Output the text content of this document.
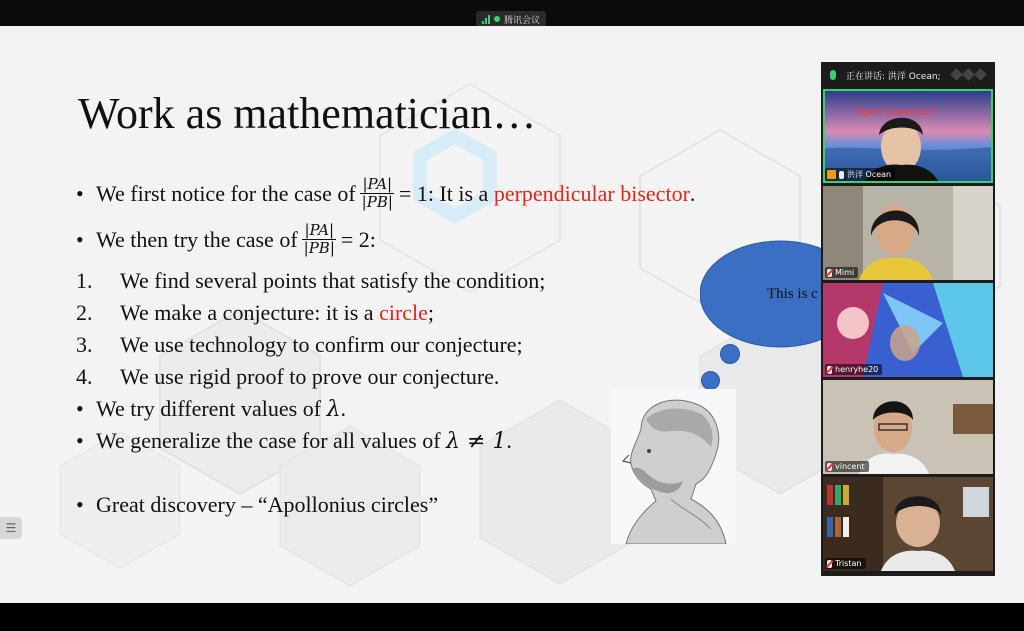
腾讯会议
Work as mathematician…
• We first notice for the case of $\frac{|PA|}{|PB|} = 1$: It is a
perpendicular bisector .
• We then try the case of $\frac{|PA|}{|PB|} = 2$:
1.	We find several points that satisfy the condition;
2.	We make a conjecture: it is a
circle ;
3.	We use technology to confirm our conjecture;
4.	We use rigid proof to prove our conjecture.
• We try different values of
λ .
• We generalize the case for all values of
λ ≠ 1 .
• Great discovery – “Apollonius circles”
This is c
☰
正在讲话: 洪洋 Ocean;
Open Camera!!!
洪洋 Ocean
Mimi
henryhe20
vincent
Tristan
